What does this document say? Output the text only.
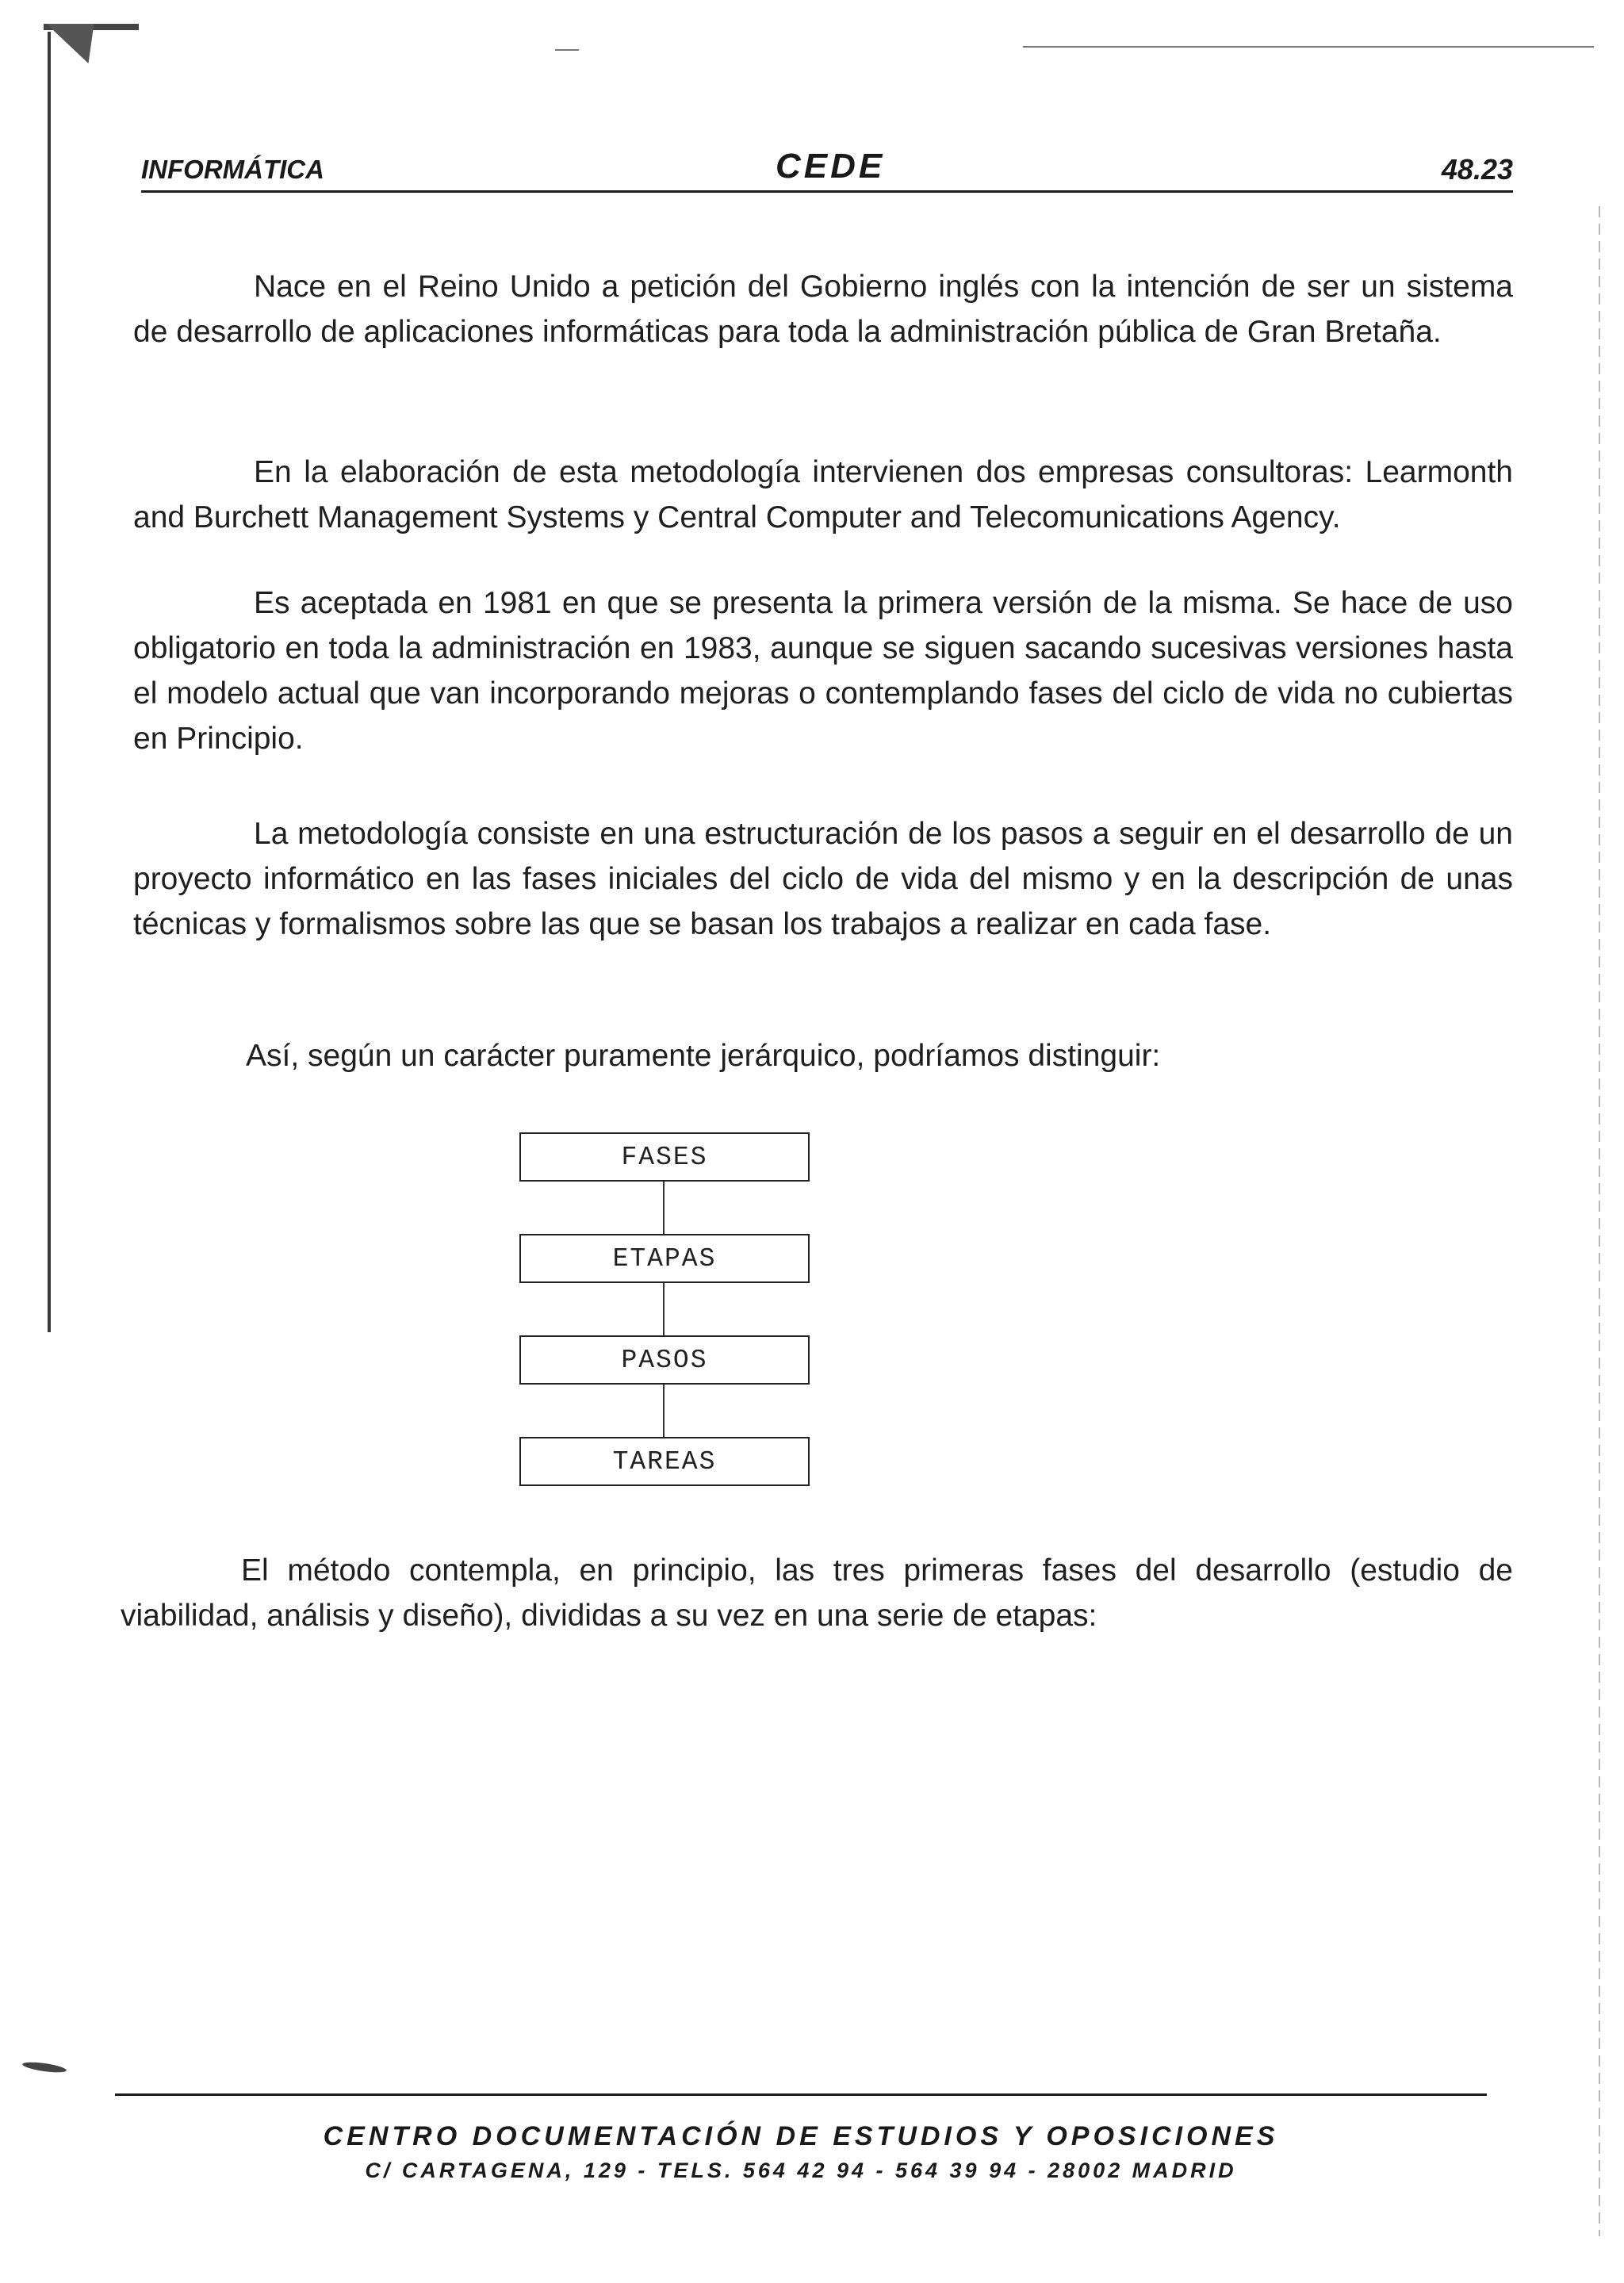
INFORMÁTICA	CEDE	48.23

Nace en el Reino Unido a petición del Gobierno inglés con la intención de ser un sistema de desarrollo de aplicaciones informáticas para toda la administración pública de Gran Bretaña.

En la elaboración de esta metodología intervienen dos empresas consultoras: Learmonth and Burchett Management Systems y Central Computer and Telecomunications Agency.

Es aceptada en 1981 en que se presenta la primera versión de la misma. Se hace de uso obligatorio en toda la administración en 1983, aunque se siguen sacando sucesivas versiones hasta el modelo actual que van incorporando mejoras o contemplando fases del ciclo de vida no cubiertas en Principio.

La metodología consiste en una estructuración de los pasos a seguir en el desarrollo de un proyecto informático en las fases iniciales del ciclo de vida del mismo y en la descripción de unas técnicas y formalismos sobre las que se basan los trabajos a realizar en cada fase.

Así, según un carácter puramente jerárquico, podríamos distinguir:

FASES
ETAPAS
PASOS
TAREAS

El método contempla, en principio, las tres primeras fases del desarrollo (estudio de viabilidad, análisis y diseño), divididas a su vez en una serie de etapas:

CENTRO DOCUMENTACIÓN DE ESTUDIOS Y OPOSICIONES
C/ CARTAGENA, 129 - TELS. 564 42 94 - 564 39 94 - 28002 MADRID
